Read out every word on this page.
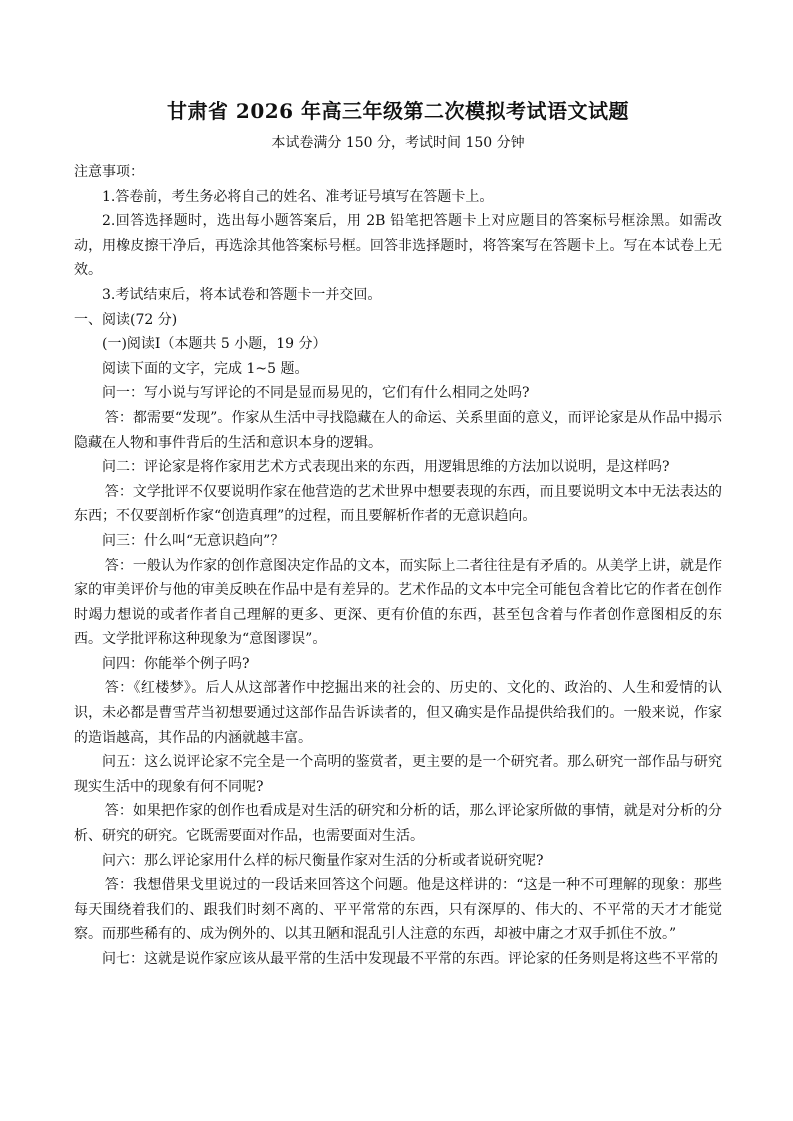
甘肃省 2026 年高三年级第二次模拟考试语文试题
本试卷满分 150 分，考试时间 150 分钟
注意事项：
1.答卷前，考生务必将自己的姓名、准考证号填写在答题卡上。
2.回答选择题时，选出每小题答案后，用 2B 铅笔把答题卡上对应题目的答案标号框涂黑。如需改动，用橡皮擦干净后，再选涂其他答案标号框。回答非选择题时，将答案写在答题卡上。写在本试卷上无效。
3.考试结束后，将本试卷和答题卡一并交回。
一、阅读(72 分)
(一)阅读Ⅰ（本题共 5 小题，19 分）
阅读下面的文字，完成 1~5 题。
问一：写小说与写评论的不同是显而易见的，它们有什么相同之处吗?
答：都需要“发现”。作家从生活中寻找隐藏在人的命运、关系里面的意义，而评论家是从作品中揭示隐藏在人物和事件背后的生活和意识本身的逻辑。
问二：评论家是将作家用艺术方式表现出来的东西，用逻辑思维的方法加以说明，是这样吗?
答：文学批评不仅要说明作家在他营造的艺术世界中想要表现的东西，而且要说明文本中无法表达的东西；不仅要剖析作家“创造真理”的过程，而且要解析作者的无意识趋向。
问三：什么叫“无意识趋向”？
答：一般认为作家的创作意图决定作品的文本，而实际上二者往往是有矛盾的。从美学上讲，就是作家的审美评价与他的审美反映在作品中是有差异的。艺术作品的文本中完全可能包含着比它的作者在创作时竭力想说的或者作者自己理解的更多、更深、更有价值的东西，甚至包含着与作者创作意图相反的东西。文学批评称这种现象为“意图谬误”。
问四：你能举个例子吗?
答：《红楼梦》。后人从这部著作中挖掘出来的社会的、历史的、文化的、政治的、人生和爱情的认识，未必都是曹雪芹当初想要通过这部作品告诉读者的，但又确实是作品提供给我们的。一般来说，作家的造诣越高，其作品的内涵就越丰富。
问五：这么说评论家不完全是一个高明的鉴赏者，更主要的是一个研究者。那么研究一部作品与研究现实生活中的现象有何不同呢?
答：如果把作家的创作也看成是对生活的研究和分析的话，那么评论家所做的事情，就是对分析的分析、研究的研究。它既需要面对作品，也需要面对生活。
问六：那么评论家用什么样的标尺衡量作家对生活的分析或者说研究呢?
答：我想借果戈里说过的一段话来回答这个问题。他是这样讲的：“这是一种不可理解的现象：那些每天围绕着我们的、跟我们时刻不离的、平平常常的东西，只有深厚的、伟大的、不平常的天才才能觉察。而那些稀有的、成为例外的、以其丑陋和混乱引人注意的东西，却被中庸之才双手抓住不放。”
问七：这就是说作家应该从最平常的生活中发现最不平常的东西。评论家的任务则是将这些不平常的
